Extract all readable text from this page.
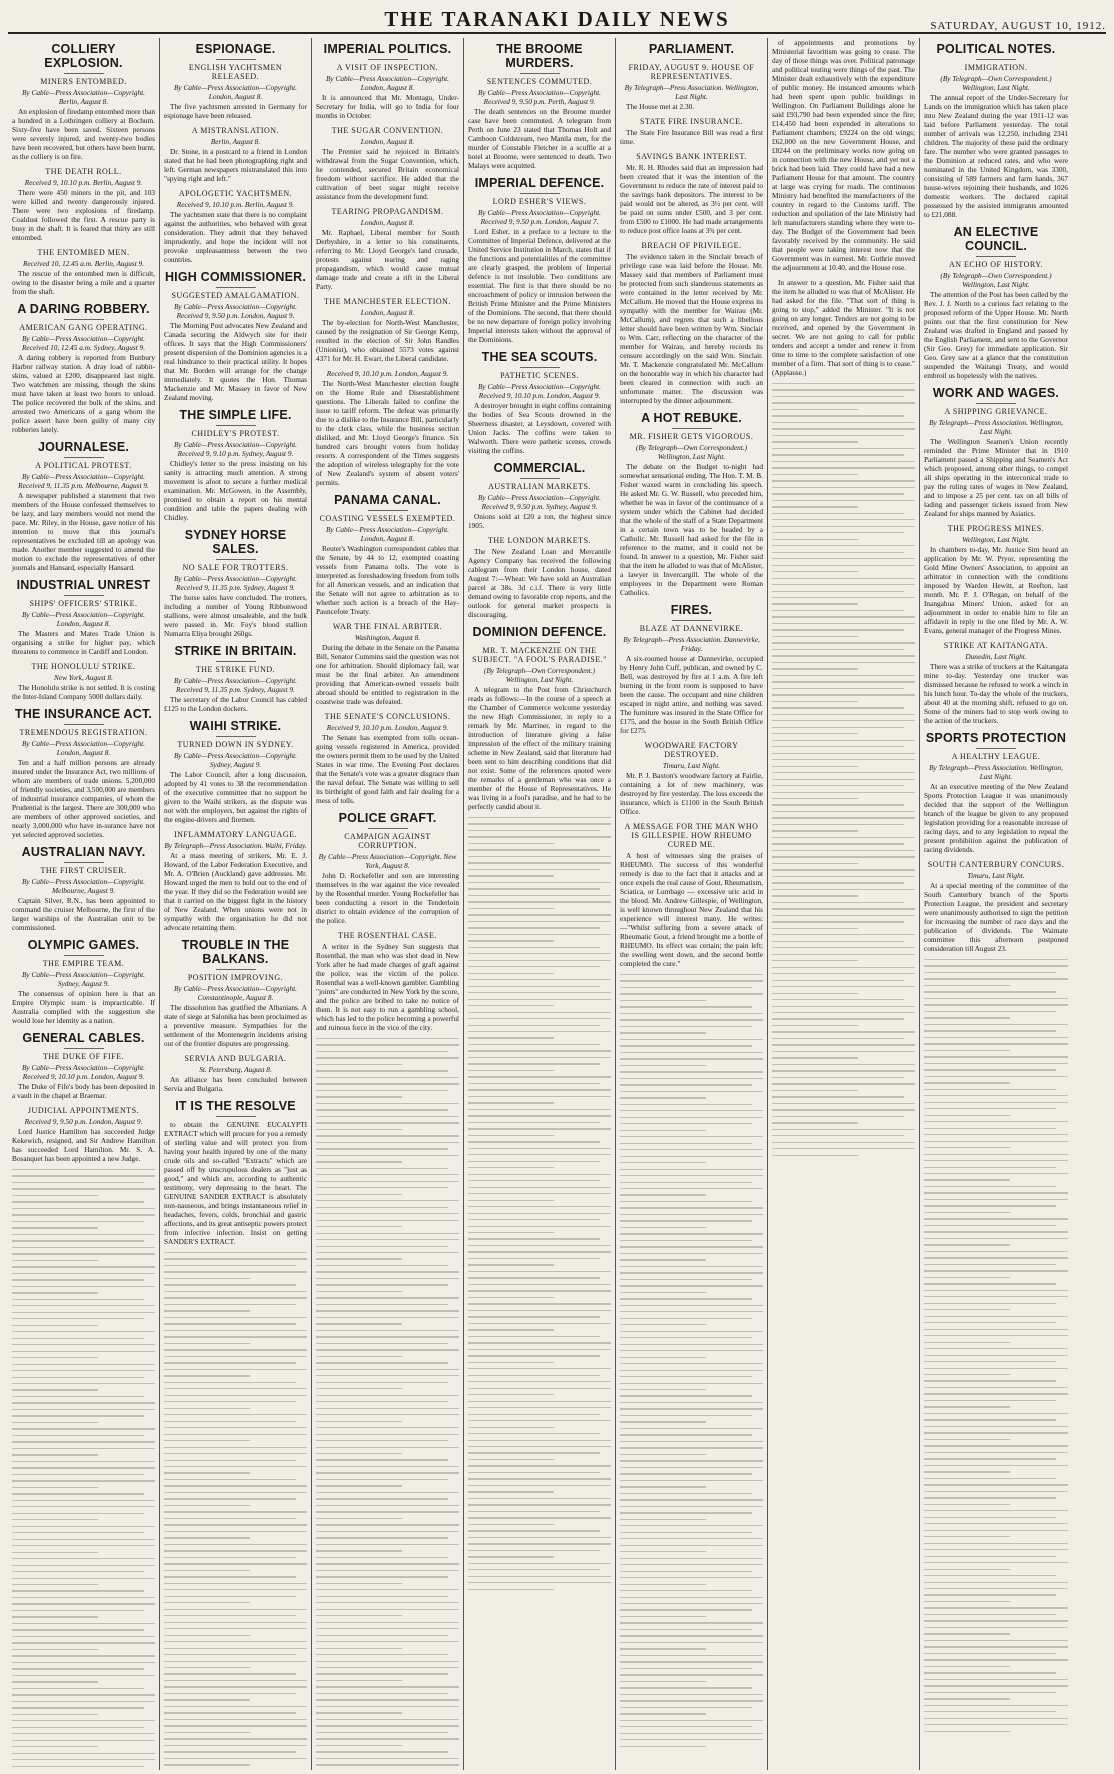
THE TARANAKI DAILY NEWS	SATURDAY, AUGUST 10, 1912.
COLLIERY EXPLOSION.
MINERS ENTOMBED.
By Cable—Press Association—Copyright. Berlin, August 8.

An explosion of firedamp entombed more than a hundred in a Lothringen colliery at Bochum. Sixty-five have been saved. Sixteen persons were severely injured, and twenty-two bodies have been recovered, but others have been burnt, as the colliery is on fire.

THE DEATH ROLL.
Received 9, 10.10 p.m. Berlin, August 9.

There were 450 miners in the pit, and 103 were killed and twenty dangerously injured. There were two explosions of firedamp. Coaldust followed the first. A rescue party is busy in the shaft. It is feared that thirty are still entombed.

THE ENTOMBED MEN.
Received 10, 12.45 a.m. Berlin, August 9.

The rescue of the entombed men is difficult, owing to the disaster being a mile and a quarter from the shaft.

A DARING ROBBERY.
AMERICAN GANG OPERATING.
By Cable—Press Association—Copyright. Received 10, 12.45 a.m. Sydney, August 9.

A daring robbery is reported from Bunbury Harbor railway station. A dray load of rabbit-skins, valued at £200, disappeared last night. Two watchmen are missing, though the skins must have taken at least two hours to unload. The police recovered the bulk of the skins, and arrested two Americans of a gang whom the police assert have been guilty of many city robberies lately.

JOURNALESE.
A POLITICAL PROTEST.
By Cable—Press Association—Copyright. Received 9, 11.35 p.m. Melbourne, August 9.

A newspaper published a statement that two members of the House confessed themselves to be lazy, and lazy members would not mend the pace. Mr. Riley, in the House, gave notice of his intention to move that this journal's representatives be excluded till an apology was made. Another member suggested to amend the motion to exclude the representatives of other journals and Hansard, especially Hansard.

INDUSTRIAL UNREST
SHIPS' OFFICERS' STRIKE.
By Cable—Press Association—Copyright. London, August 8.

The Masters and Mates Trade Union is organising a strike for higher pay, which threatens to commence in Cardiff and London.

THE HONOLULU STRIKE.
New York, August 8.

The Honolulu strike is not settled. It is costing the Inter-Island Company 5000 dollars daily.

THE INSURANCE ACT.
TREMENDOUS REGISTRATION.
By Cable—Press Association—Copyright. London, August 8.

Ten and a half million persons are already insured under the Insurance Act, two millions of whom are members of trade unions. 5,200,000 of friendly societies, and 3,500,000 are members of industrial insurance companies, of whom the Prudential is the largest. There are 300,000 who are members of other approved societies, and nearly 3,000,000 who have in-surance have not yet selected approved societies.

AUSTRALIAN NAVY.
THE FIRST CRUISER.
By Cable—Press Association—Copyright. Melbourne, August 9.

Captain Silver, R.N., has been appointed to command the cruiser Melbourne, the first of the larger warships of the Australian unit to be commissioned.

OLYMPIC GAMES.
THE EMPIRE TEAM.
By Cable—Press Association—Copyright. Sydney, August 9.

The consensus of opinion here is that an Empire Olympic team is impracticable. If Australia complied with the suggestion she would lose her identity as a nation.

GENERAL CABLES.
THE DUKE OF FIFE.
By Cable—Press Association—Copyright. Received 9, 10.10 p.m. London, August 9.

The Duke of Fife's body has been deposited in a vault in the chapel at Braemar.

JUDICIAL APPOINTMENTS.
Received 9, 9.50 p.m. London, August 9.

Lord Justice Hamilton has succeeded Judge Kekewich, resigned, and Sir Andrew Hamilton has succeeded Lord Hamilton. Mr. S. A. Bosanquet has been appointed a new Judge.

ESPIONAGE.
ENGLISH YACHTSMEN RELEASED.
By Cable—Press Association—Copyright. London, August 8.

The five yachtsmen arrested in Germany for espionage have been released.

A MISTRANSLATION.
Berlin, August 8.

Dr. Stone, in a postcard to a friend in London stated that he had been photographing right and left. German newspapers mistranslated this into "spying right and left."

APOLOGETIC YACHTSMEN.
Received 9, 10.10 p.m. Berlin, August 9.

The yachtsmen state that there is no complaint against the authorities, who behaved with great consideration. They admit that they behaved imprudently, and hope the incident will not provoke unpleasantness between the two countries.

HIGH COMMISSIONER.
SUGGESTED AMALGAMATION.
By Cable—Press Association—Copyright. Received 9, 9.50 p.m. London, August 9.

The Morning Post advocates New Zealand and Canada securing the Aldwych site for their offices. It says that the High Commissioners' present dispersion of the Dominion agencies is a real hindrance to their practical utility. It hopes that Mr. Borden will arrange for the change immediately. It quotes the Hon. Thomas Mackenzie and Mr. Massey in favor of New Zealand moving.

THE SIMPLE LIFE.
CHIDLEY'S PROTEST.
By Cable—Press Association—Copyright. Received 9, 9.10 p.m. Sydney, August 9.

Chidley's letter to the press insisting on his sanity is attracting much attention. A strong movement is afoot to secure a further medical examination. Mr. McGowen, in the Assembly, promised to obtain a report on his mental condition and table the papers dealing with Chidley.

SYDNEY HORSE SALES.
NO SALE FOR TROTTERS.
By Cable—Press Association—Copyright. Received 9, 11.35 p.m. Sydney, August 9.

The horse sales have concluded. The trotters, including a number of Young Ribbonwood stallions, were almost unsaleable, and the bulk were passed in. Mr. Foy's blood stallion Numarra Eliya brought 260gs.

STRIKE IN BRITAIN.
THE STRIKE FUND.
By Cable—Press Association—Copyright. Received 9, 11.35 p.m. Sydney, August 9.

The secretary of the Labor Council has cabled £125 to the London dockers.

WAIHI STRIKE.
TURNED DOWN IN SYDNEY.
By Cable—Press Association—Copyright. Sydney, August 9.

The Labor Council, after a long discussion, adopted by 41 votes to 38 the recommendation of the executive committee that no support be given to the Waihi strikers, as the dispute was not with the employers, but against the rights of the engine-drivers and firemen.

INFLAMMATORY LANGUAGE.
By Telegraph—Press Association. Waihi, Friday.

At a mass meeting of strikers, Mr. E. J. Howard, of the Labor Federation Executive, and Mr. A. O'Brien (Auckland) gave addresses. Mr. Howard urged the men to hold out to the end of the year. If they did so the Federation would see that it carried on the biggest fight in the history of New Zealand. When unions were not in sympathy with the organisation he did not advocate retaining them.

TROUBLE IN THE BALKANS.
POSITION IMPROVING.
By Cable—Press Association—Copyright. Constantinople, August 8.

The dissolution has gratified the Albanians. A state of siege at Salonika has been proclaimed as a preventive measure. Sympathies for the settlement of the Montenegrin incidents arising out of the frontier disputes are progressing.

SERVIA AND BULGARIA.
St. Petersburg, August 8.

An alliance has been concluded between Servia and Bulgaria.

IT IS THE RESOLVE

to obtain the GENUINE EUCALYPTI EXTRACT which will procure for you a remedy of sterling value and will protect you from having your health injured by one of the many crude oils and so-called "Extracts" which are passed off by unscrupulous dealers as "just as good," and which are, according to authentic testimony, very depressing to the heart. The GENUINE SANDER EXTRACT is absolutely non-nauseous, and brings instantaneous relief in headaches, fevers, colds, bronchial and gastric affections, and its great antiseptic powers protect from infective infection. Insist on getting SANDER'S EXTRACT.

IMPERIAL POLITICS.
A VISIT OF INSPECTION.
By Cable—Press Association—Copyright. London, August 8.

It is announced that Mr. Montagu, Under-Secretary for India, will go to India for four months in October.

THE SUGAR CONVENTION.
London, August 8.

The Premier said he rejoiced in Britain's withdrawal from the Sugar Convention, which, he contended, secured Britain economical freedom without sacrifice. He added that the cultivation of beet sugar might receive assistance from the development fund.

TEARING PROPAGANDISM.
London, August 8.

Mr. Raphael, Liberal member for South Derbyshire, in a letter to his constituents, referring to Mr. Lloyd George's land crusade, protests against tearing and raging propagandism, which would cause mutual damage trade and create a rift in the Liberal Party.

THE MANCHESTER ELECTION.
London, August 8.

The by-election for North-West Manchester, caused by the resignation of Sir George Kemp, resulted in the election of Sir John Randles (Unionist), who obtained 5573 votes against 4371 for Mr. H. Ewart, the Liberal candidate.

Received 9, 10.10 p.m. London, August 9.

The North-West Manchester election fought on the Home Rule and Disestablishment questions. The Liberals failed to confine the issue to tariff reform. The defeat was primarily due to a dislike to the Insurance Bill, particularly to the clerk class, while the business section disliked, and Mr. Lloyd George's finance. Six hundred cars brought voters from holiday resorts. A correspondent of the Times suggests the adoption of wireless telegraphy for the vote of New Zealand's system of absent voters' permits.

PANAMA CANAL.
COASTING VESSELS EXEMPTED.
By Cable—Press Association—Copyright. London, August 8.

Reuter's Washington correspondent cables that the Senate, by 44 to 12, exempted coasting vessels from Panama tolls. The vote is interpreted as foreshadowing freedom from tolls for all American vessels, and an indication that the Senate will not agree to arbitration as to whether such action is a breach of the Hay-Pauncefote Treaty.

WAR THE FINAL ARBITER.
Washington, August 8.

During the debate in the Senate on the Panama Bill, Senator Cummins said the question was not one for arbitration. Should diplomacy fail, war must be the final arbiter. An amendment providing that American-owned vessels built abroad should be entitled to registration in the coastwise trade was defeated.

THE SENATE'S CONCLUSIONS.
Received 9, 10.10 p.m. London, August 9.

The Senate has exempted from tolls ocean-going vessels registered in America, provided the owners permit them to be used by the United States in war time. The Evening Post declares that the Senate's vote was a greater disgrace than the naval defeat. The Senate was willing to sell its birthright of good faith and fair dealing for a mess of tolls.

POLICE GRAFT.
CAMPAIGN AGAINST CORRUPTION.
By Cable—Press Association—Copyright. New York, August 8.

John D. Rockefeller and son are interesting themselves in the war against the vice revealed by the Rosenthal murder. Young Rockefeller has been conducting a resort in the Tenderloin district to obtain evidence of the corruption of the police.

THE ROSENTHAL CASE.

A writer in the Sydney Sun suggests that Rosenthal, the man who was shot dead in New York after he had made charges of graft against the police, was the victim of the police. Rosenthal was a well-known gambler. Gambling "joints" are conducted in New York by the score, and the police are bribed to take no notice of them. It is not easy to run a gambling school, which has led to the police becoming a powerful and ruinous force in the vice of the city.

THE BROOME MURDERS.
SENTENCES COMMUTED.
By Cable—Press Association—Copyright. Received 9, 9.50 p.m. Perth, August 9.

The death sentences on the Broome murder case have been commuted. A telegram from Perth on June 23 stated that Thomas Holt and Camboon Coldstream, two Manila men, for the murder of Constable Fletcher in a scuffle at a hotel at Broome, were sentenced to death. Two Malays were acquitted.

IMPERIAL DEFENCE.
LORD ESHER'S VIEWS.
By Cable—Press Association—Copyright. Received 9, 9.50 p.m. London, August 7.

Lord Esher, in a preface to a lecture to the Committee of Imperial Defence, delivered at the United Service Institution in March, states that if the functions and potentialities of the committee are clearly grasped, the problem of Imperial defence is not insoluble. Two conditions are essential. The first is that there should be no encroachment of policy or intrusion between the British Prime Minister and the Prime Ministers of the Dominions. The second, that there should be no new departure of foreign policy involving Imperial interests taken without the approval of the Dominions.

THE SEA SCOUTS.
PATHETIC SCENES.
By Cable—Press Association—Copyright. Received 9, 10.10 p.m. London, August 9.

A destroyer brought in eight coffins containing the bodies of Sea Scouts drowned in the Sheerness disaster, at Leysdown, covered with Union Jacks. The coffins were taken to Walworth. There were pathetic scenes, crowds visiting the coffins.

COMMERCIAL.
AUSTRALIAN MARKETS.
By Cable—Press Association—Copyright. Received 9, 9.50 p.m. Sydney, August 9.

Onions sold at £20 a ton, the highest since 1905.

THE LONDON MARKETS.

The New Zealand Loan and Mercantile Agency Company has received the following cablegram from their London house, dated August 7:—Wheat: We have sold an Australian parcel at 38s. 3d c.i.f. There is very little demand owing to favorable crop reports, and the outlook for general market prospects is discouraging.

DOMINION DEFENCE.
MR. T. MACKENZIE ON THE SUBJECT. "A FOOL'S PARADISE."
(By Telegraph—Own Correspondent.) Wellington, Last Night.

A telegram to the Post from Christchurch reads as follows:—In the course of a speech at the Chamber of Commerce welcome yesterday the new High Commissioner, in reply to a remark by Mr. Marriner, in regard to the introduction of literature giving a false impression of the effect of the military training scheme in New Zealand, said that literature had been sent to him describing conditions that did not exist. Some of the references quoted were the remarks of a gentleman who was once a member of the House of Representatives. He was living in a fool's paradise, and he had to be perfectly candid about it.

PARLIAMENT.
FRIDAY, AUGUST 9. HOUSE OF REPRESENTATIVES.
By Telegraph—Press Association. Wellington, Last Night.

The House met at 2.30.

STATE FIRE INSURANCE.

The State Fire Insurance Bill was read a first time.

SAVINGS BANK INTEREST.

Mr. R. H. Rhodes said that an impression had been created that it was the intention of the Government to reduce the rate of interest paid to the savings bank depositors. The interest to be paid would not be altered, as 3½ per cent. will be paid on sums under £500, and 3 per cent. from £500 to £1000. He had made arrangements to reduce post office loans at 3¾ per cent.

BREACH OF PRIVILEGE.

The evidence taken in the Sinclair breach of privilege case was laid before the House. Mr. Massey said that members of Parliament must be protected from such slanderous statements as were contained in the letter received by Mr. McCallum. He moved that the House express its sympathy with the member for Wairau (Mr. McCallum), and regrets that such a libellous letter should have been written by Wm. Sinclair to Wm. Carr, reflecting on the character of the member for Wairau, and hereby records its censure accordingly on the said Wm. Sinclair. Mr. T. Mackenzie congratulated Mr. McCallum on the honorable way in which his character had been cleared in connection with such an unfortunate matter. The discussion was interrupted by the dinner adjournment.

A HOT REBUKE.
MR. FISHER GETS VIGOROUS.
(By Telegraph—Own Correspondent.) Wellington, Last Night.

The debate on the Budget to-night had somewhat sensational ending. The Hon. T. M. B. Fisher waxed warm in concluding his speech. He asked Mr. G. W. Russell, who preceded him, whether he was in favor of the continuance of a system under which the Cabinet had decided that the whole of the staff of a State Department in a certain town was to be headed by a Catholic. Mr. Russell had asked for the file in reference to the matter, and it could not be found. In answer to a question, Mr. Fisher said that the item he alluded to was that of McAlister, a lawyer in Invercargill. The whole of the employees in the Department were Roman Catholics.

FIRES.
BLAZE AT DANNEVIRKE.
By Telegraph—Press Association. Dannevirke, Friday.

A six-roomed house at Dannevirke, occupied by Henry John Cuff, publican, and owned by C. Bell, was destroyed by fire at 1 a.m. A fire left burning in the front room is supposed to have been the cause. The occupant and nine children escaped in night attire, and nothing was saved. The furniture was insured in the State Office for £175, and the house in the South British Office for £275.

WOODWARE FACTORY DESTROYED.
Timaru, Last Night.

Mr. P. J. Baxton's woodware factory at Fairlie, containing a lot of new machinery, was destroyed by fire yesterday. The loss exceeds the insurance, which is £1100 in the South British Office.

A MESSAGE FOR THE MAN WHO IS GILLESPIE. HOW RHEUMO CURED ME.

A host of witnesses sing the praises of RHEUMO. The success of this wonderful remedy is due to the fact that it attacks and at once expels the real cause of Gout, Rheumatism, Sciatica, or Lumbago — excessive uric acid in the blood. Mr. Andrew Gillespie, of Wellington, is well known throughout New Zealand that his experience will interest many. He writes:—"Whilst suffering from a severe attack of Rheumatic Gout, a friend brought me a bottle of RHEUMO. Its effect was certain; the pain left; the swelling went down, and the second bottle completed the cure."

of appointments and promotions by Ministerial favoritism was going to cease. The day of those things was over. Political patronage and political touting were things of the past. The Minister dealt exhaustively with the expenditure of public money. He instanced amounts which had been spent upon public buildings in Wellington. On Parliament Buildings alone he said £93,790 had been expended since the fire; £14,450 had been expended in alterations to Parliament chambers; £9224 on the old wings; £62,000 on the new Government House, and £8244 on the preliminary works now going on in connection with the new House, and yet not a brick had been laid. They could have had a new Parliament House for that amount. The country at large was crying for roads. The continuous Ministry had benefited the manufacturers of the country in regard to the Customs tariff. The reduction and spoliation of the late Ministry had left manufacturers standing where they were to-day. The Budget of the Government had been favorably received by the community. He said that people were taking interest now that the Government was in earnest. Mr. Guthrie moved the adjournment at 10.40, and the House rose.

In answer to a question, Mr. Fisher said that the item he alluded to was that of McAlister. He had asked for the file. "That sort of thing is going to stop," added the Minister. "It is not going on any longer. Tenders are not going to be received, and opened by the Government in secret. We are not going to call for public tenders and accept a tender and renew it from time to time to the complete satisfaction of one member of a firm. That sort of thing is to cease." (Applause.)

POLITICAL NOTES.
IMMIGRATION.
(By Telegraph—Own Correspondent.) Wellington, Last Night.

The annual report of the Under-Secretary for Lands on the immigration which has taken place into New Zealand during the year 1911-12 was laid before Parliament yesterday. The total number of arrivals was 12,250, including 2341 children. The majority of these paid the ordinary fare. The number who were granted passages to the Dominion at reduced rates, and who were nominated in the United Kingdom, was 3300, consisting of 589 farmers and farm hands, 367 house-wives rejoining their husbands, and 1026 domestic workers. The declared capital possessed by the assisted immigrants amounted to £21,088.

AN ELECTIVE COUNCIL.
AN ECHO OF HISTORY.
(By Telegraph—Own Correspondent.) Wellington, Last Night.

The attention of the Post has been called by the Rev. J. J. North to a curious fact relating to the proposed reform of the Upper House. Mr. North points out that the first constitution for New Zealand was drafted in England and passed by the English Parliament, and sent to the Governor (Sir Geo. Grey) for immediate application. Sir Geo. Grey saw at a glance that the constitution suspended the Waitangi Treaty, and would embroil us hopelessly with the natives.

WORK AND WAGES.
A SHIPPING GRIEVANCE.
By Telegraph—Press Association. Wellington, Last Night.

The Wellington Seamen's Union recently reminded the Prime Minister that in 1910 Parliament passed a Shipping and Seamen's Act which proposed, among other things, to compel all ships operating in the interconical trade to pay the ruling rates of wages in New Zealand, and to impose a 25 per cent. tax on all bills of lading and passenger tickets issued from New Zealand for ships manned by Asiatics.

THE PROGRESS MINES.
Wellington, Last Night.

In chambers to-day, Mr. Justice Sim heard an application by Mr. W. Pryor, representing the Gold Mine Owners' Association, to appoint an arbitrator in connection with the conditions imposed by Warden Hewitt, at Reefton, last month. Mr. P. J. O'Regan, on behalf of the Inangahua Miners' Union, asked for an adjournment in order to enable him to file an affidavit in reply to the one filed by Mr. A. W. Evans, general manager of the Progress Mines.

STRIKE AT KAITANGATA.
Dunedin, Last Night.

There was a strike of truckers at the Kaitangata mine to-day. Yesterday one trucker was dismissed because he refused to work a winch in his lunch hour. To-day the whole of the truckers, about 40 at the morning shift, refused to go on. Some of the miners had to stop work owing to the action of the truckers.

SPORTS PROTECTION
A HEALTHY LEAGUE.
By Telegraph—Press Association. Wellington, Last Night.

At an executive meeting of the New Zealand Sports Protection League it was unanimously decided that the support of the Wellington branch of the league be given to any proposed legislation providing for a reasonable increase of racing days, and to any legislation to repeal the present prohibition against the publication of racing dividends.

SOUTH CANTERBURY CONCURS.
Timaru, Last Night.

At a special meeting of the committee of the South Canterbury branch of the Sports Protection League, the president and secretary were unanimously authorised to sign the petition for increasing the number of race days and the publication of dividends. The Waimate committee this afternoon postponed consideration till August 23.
